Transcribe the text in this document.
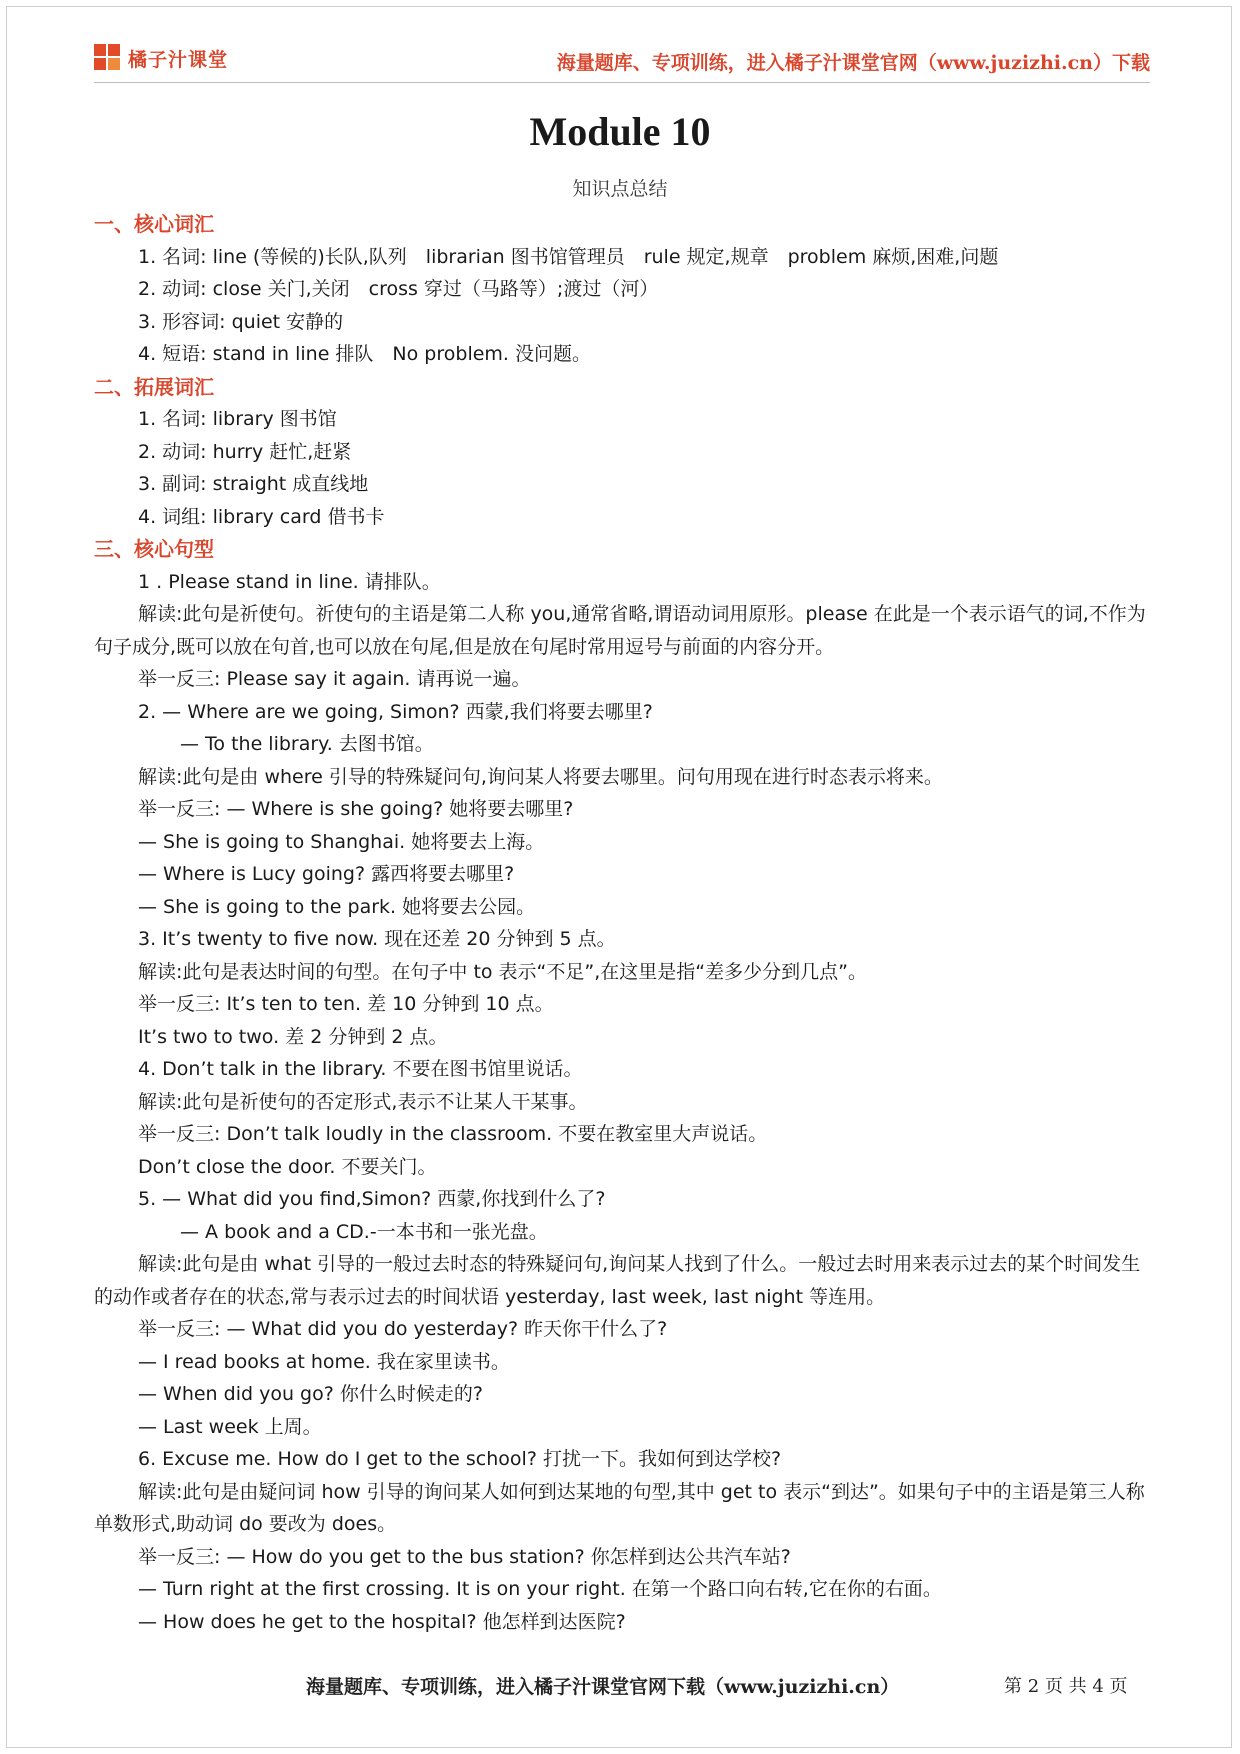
橘子汁课堂	海量题库、专项训练，进入橘子汁课堂官网（www.juzizhi.cn）下载
Module 10
知识点总结

一、核心词汇

1. 名词: line (等候的)长队,队列　librarian 图书馆管理员　rule 规定,规章　problem 麻烦,困难,问题

2. 动词: close 关门,关闭　cross 穿过（马路等）;渡过（河）

3. 形容词: quiet 安静的

4. 短语: stand in line 排队　No problem. 没问题。

二、拓展词汇

1. 名词: library 图书馆

2. 动词: hurry 赶忙,赶紧

3. 副词: straight 成直线地

4. 词组: library card 借书卡

三、核心句型

1 . Please stand in line. 请排队。

解读:此句是祈使句。祈使句的主语是第二人称 you,通常省略,谓语动词用原形。please 在此是一个表示语气的词,不作为句子成分,既可以放在句首,也可以放在句尾,但是放在句尾时常用逗号与前面的内容分开。

举一反三: Please say it again. 请再说一遍。

2. — Where are we going, Simon? 西蒙,我们将要去哪里?

— To the library. 去图书馆。

解读:此句是由 where 引导的特殊疑问句,询问某人将要去哪里。问句用现在进行时态表示将来。

举一反三: — Where is she going? 她将要去哪里?

— She is going to Shanghai. 她将要去上海。

— Where is Lucy going? 露西将要去哪里?

— She is going to the park. 她将要去公园。

3. It’s twenty to five now. 现在还差 20 分钟到 5 点。

解读:此句是表达时间的句型。在句子中 to 表示“不足”,在这里是指“差多少分到几点”。

举一反三: It’s ten to ten. 差 10 分钟到 10 点。

It’s two to two. 差 2 分钟到 2 点。

4. Don’t talk in the library. 不要在图书馆里说话。

解读:此句是祈使句的否定形式,表示不让某人干某事。

举一反三: Don’t talk loudly in the classroom. 不要在教室里大声说话。

Don’t close the door. 不要关门。

5. — What did you find,Simon? 西蒙,你找到什么了?

— A book and a CD.-一本书和一张光盘。

解读:此句是由 what 引导的一般过去时态的特殊疑问句,询问某人找到了什么。一般过去时用来表示过去的某个时间发生的动作或者存在的状态,常与表示过去的时间状语 yesterday, last week, last night 等连用。

举一反三: — What did you do yesterday? 昨天你干什么了?

— I read books at home. 我在家里读书。

— When did you go? 你什么时候走的?

— Last week 上周。

6. Excuse me. How do I get to the school? 打扰一下。我如何到达学校?

解读:此句是由疑问词 how 引导的询问某人如何到达某地的句型,其中 get to 表示“到达”。如果句子中的主语是第三人称单数形式,助动词 do 要改为 does。

举一反三: — How do you get to the bus station? 你怎样到达公共汽车站?

— Turn right at the first crossing. It is on your right. 在第一个路口向右转,它在你的右面。

— How does he get to the hospital? 他怎样到达医院?

海量题库、专项训练，进入橘子汁课堂官网下载（www.juzizhi.cn）	第 2 页 共 4 页
